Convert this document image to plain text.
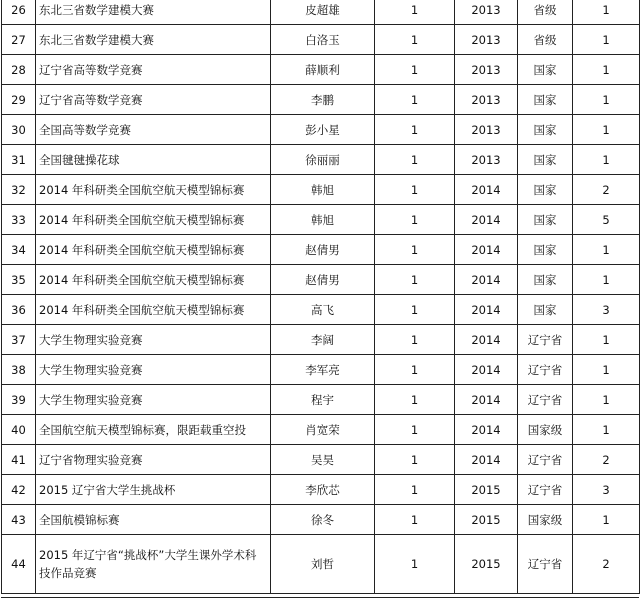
26	东北三省数学建模大赛	皮超雄	1	2013	省级	1
27	东北三省数学建模大赛	白洛玉	1	2013	省级	1
28	辽宁省高等数学竞赛	薛顺利	1	2013	国家	1
29	辽宁省高等数学竞赛	李鹏	1	2013	国家	1
30	全国高等数学竞赛	彭小星	1	2013	国家	1
31	全国毽毽操花球	徐丽丽	1	2013	国家	1
32	2014 年科研类全国航空航天模型锦标赛	韩旭	1	2014	国家	2
33	2014 年科研类全国航空航天模型锦标赛	韩旭	1	2014	国家	5
34	2014 年科研类全国航空航天模型锦标赛	赵倩男	1	2014	国家	1
35	2014 年科研类全国航空航天模型锦标赛	赵倩男	1	2014	国家	1
36	2014 年科研类全国航空航天模型锦标赛	高飞	1	2014	国家	3
37	大学生物理实验竞赛	李阔	1	2014	辽宁省	1
38	大学生物理实验竞赛	李军亮	1	2014	辽宁省	1
39	大学生物理实验竞赛	程宇	1	2014	辽宁省	1
40	全国航空航天模型锦标赛，限距载重空投	肖宽荣	1	2014	国家级	1
41	辽宁省物理实验竞赛	吴昊	1	2014	辽宁省	2
42	2015 辽宁省大学生挑战杯	李欣芯	1	2015	辽宁省	3
43	全国航模锦标赛	徐冬	1	2015	国家级	1
44	2015 年辽宁省“挑战杯”大学生课外学术科技作品竞赛	刘哲	1	2015	辽宁省	2
